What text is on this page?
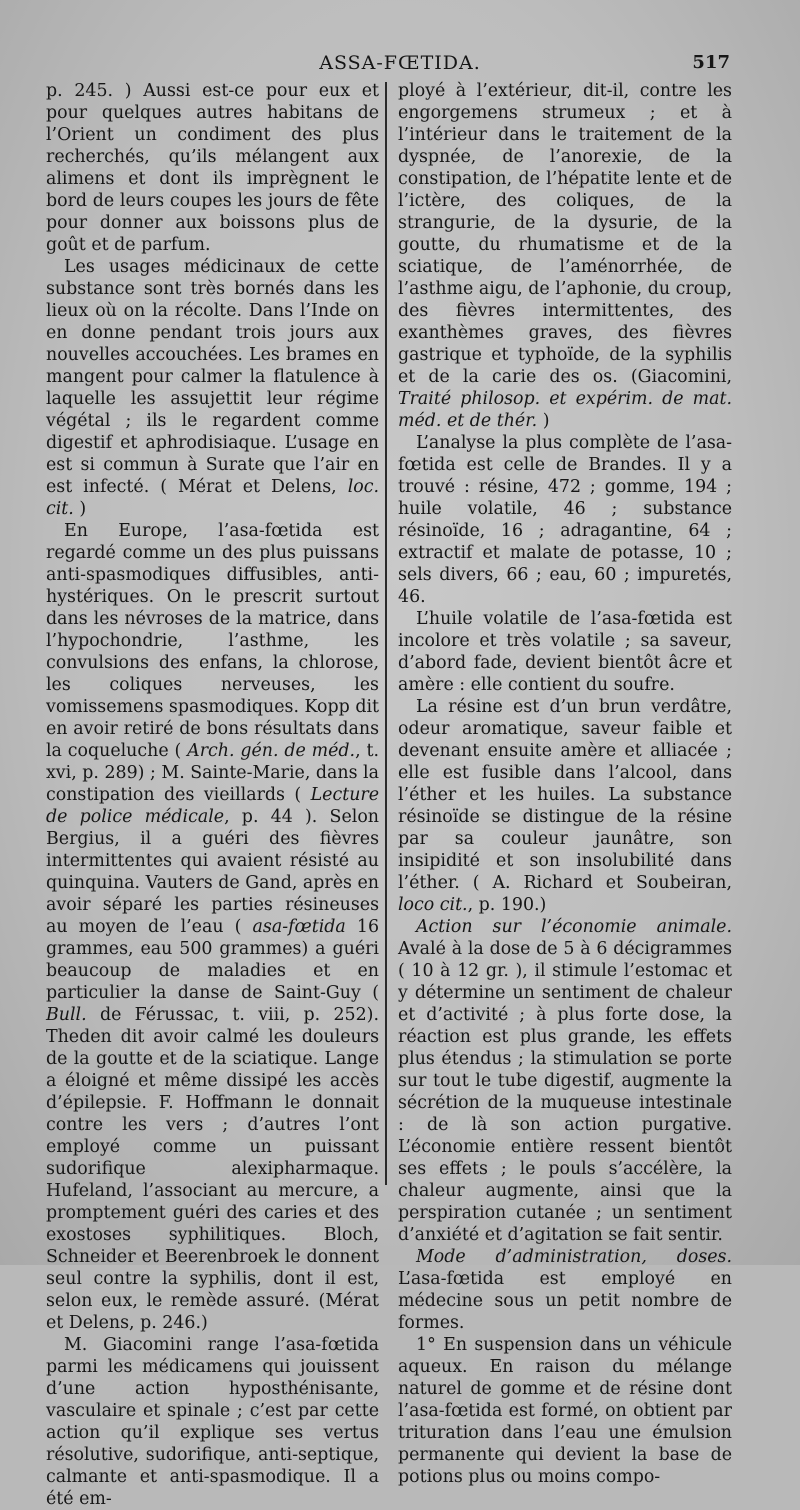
ASSA-FŒTIDA.	517

p. 245. ) Aussi est-ce pour eux et pour quelques autres habitans de l’Orient un condiment des plus recherchés, qu’ils mélangent aux alimens et dont ils imprègnent le bord de leurs coupes les jours de fête pour donner aux boissons plus de goût et de parfum.

Les usages médicinaux de cette substance sont très bornés dans les lieux où on la récolte. Dans l’Inde on en donne pendant trois jours aux nouvelles accouchées. Les brames en mangent pour calmer la flatulence à laquelle les assujettit leur régime végétal ; ils le regardent comme digestif et aphrodisiaque. L’usage en est si commun à Surate que l’air en est infecté. ( Mérat et Delens, loc. cit. )

En Europe, l’asa-fœtida est regardé comme un des plus puissans anti-spasmodiques diffusibles, anti-hystériques. On le prescrit surtout dans les névroses de la matrice, dans l’hypochondrie, l’asthme, les convulsions des enfans, la chlorose, les coliques nerveuses, les vomissemens spasmodiques. Kopp dit en avoir retiré de bons résultats dans la coqueluche ( Arch. gén. de méd., t. xvi, p. 289) ; M. Sainte-Marie, dans la constipation des vieillards ( Lecture de police médicale, p. 44 ). Selon Bergius, il a guéri des fièvres intermittentes qui avaient résisté au quinquina. Vauters de Gand, après en avoir séparé les parties résineuses au moyen de l’eau ( asa-fœtida 16 grammes, eau 500 grammes) a guéri beaucoup de maladies et en particulier la danse de Saint-Guy ( Bull. de Férussac, t. viii, p. 252). Theden dit avoir calmé les douleurs de la goutte et de la sciatique. Lange a éloigné et même dissipé les accès d’épilepsie. F. Hoffmann le donnait contre les vers ; d’autres l’ont employé comme un puissant sudorifique alexipharmaque. Hufeland, l’associant au mercure, a promptement guéri des caries et des exostoses syphilitiques. Bloch, Schneider et Beerenbroek le donnent seul contre la syphilis, dont il est, selon eux, le remède assuré. (Mérat et Delens, p. 246.)

M. Giacomini range l’asa-fœtida parmi les médicamens qui jouissent d’une action hyposthénisante, vasculaire et spinale ; c’est par cette action qu’il explique ses vertus résolutive, sudorifique, anti-septique, calmante et anti-spasmodique. Il a été em-

ployé à l’extérieur, dit-il, contre les engorgemens strumeux ; et à l’intérieur dans le traitement de la dyspnée, de l’anorexie, de la constipation, de l’hépatite lente et de l’ictère, des coliques, de la strangurie, de la dysurie, de la goutte, du rhumatisme et de la sciatique, de l’aménorrhée, de l’asthme aigu, de l’aphonie, du croup, des fièvres intermittentes, des exanthèmes graves, des fièvres gastrique et typhoïde, de la syphilis et de la carie des os. (Giacomini, Traité philosop. et expérim. de mat. méd. et de thér. )

L’analyse la plus complète de l’asa-fœtida est celle de Brandes. Il y a trouvé : résine, 472 ; gomme, 194 ; huile volatile, 46 ; substance résinoïde, 16 ; adragantine, 64 ; extractif et malate de potasse, 10 ; sels divers, 66 ; eau, 60 ; impuretés, 46.

L’huile volatile de l’asa-fœtida est incolore et très volatile ; sa saveur, d’abord fade, devient bientôt âcre et amère : elle contient du soufre.

La résine est d’un brun verdâtre, odeur aromatique, saveur faible et devenant ensuite amère et alliacée ; elle est fusible dans l’alcool, dans l’éther et les huiles. La substance résinoïde se distingue de la résine par sa couleur jaunâtre, son insipidité et son insolubilité dans l’éther. ( A. Richard et Soubeiran, loco cit., p. 190.)

Action sur l’économie animale. Avalé à la dose de 5 à 6 décigrammes ( 10 à 12 gr. ), il stimule l’estomac et y détermine un sentiment de chaleur et d’activité ; à plus forte dose, la réaction est plus grande, les effets plus étendus ; la stimulation se porte sur tout le tube digestif, augmente la sécrétion de la muqueuse intestinale : de là son action purgative. L’économie entière ressent bientôt ses effets ; le pouls s’accélère, la chaleur augmente, ainsi que la perspiration cutanée ; un sentiment d’anxiété et d’agitation se fait sentir.

Mode d’administration, doses. L’asa-fœtida est employé en médecine sous un petit nombre de formes.

1° En suspension dans un véhicule aqueux. En raison du mélange naturel de gomme et de résine dont l’asa-fœtida est formé, on obtient par trituration dans l’eau une émulsion permanente qui devient la base de potions plus ou moins compo-
